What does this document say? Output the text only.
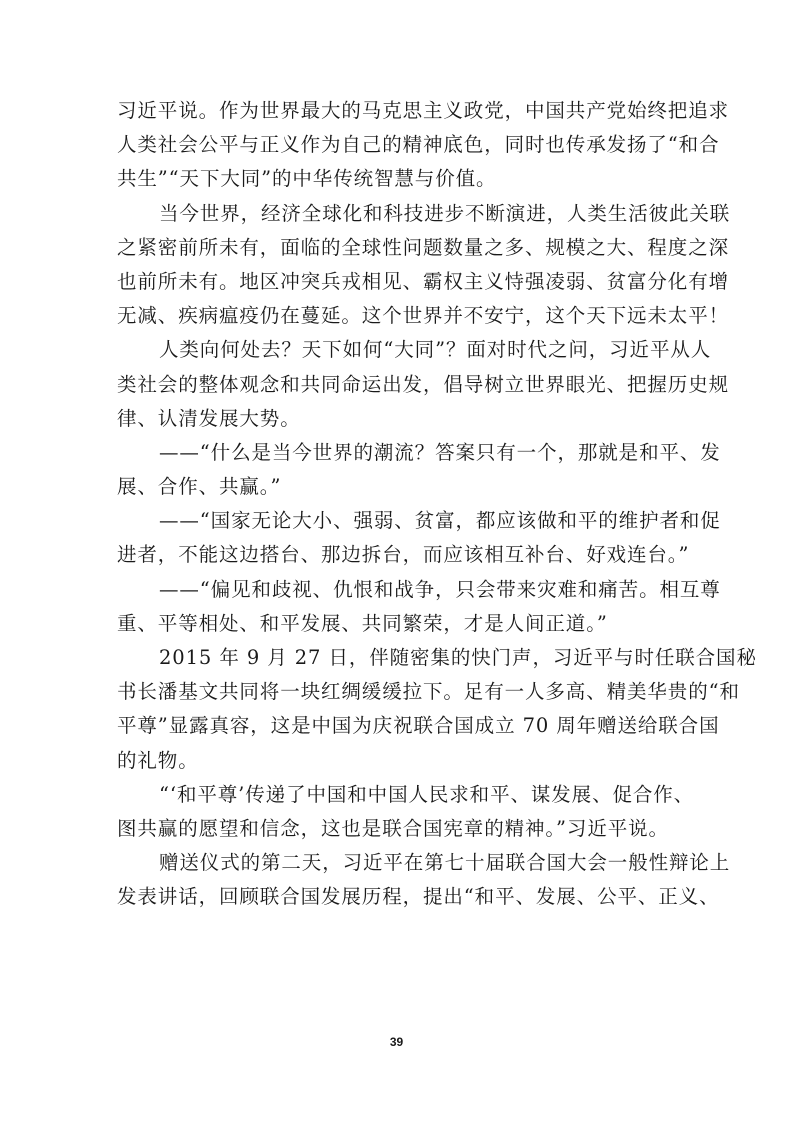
习近平说。作为世界最大的马克思主义政党，中国共产党始终把追求
人类社会公平与正义作为自己的精神底色，同时也传承发扬了“和合
共生”“天下大同”的中华传统智慧与价值。
当今世界，经济全球化和科技进步不断演进，人类生活彼此关联
之紧密前所未有，面临的全球性问题数量之多、规模之大、程度之深
也前所未有。地区冲突兵戎相见、霸权主义恃强凌弱、贫富分化有增
无减、疾病瘟疫仍在蔓延。这个世界并不安宁，这个天下远未太平！
人类向何处去？天下如何“大同”？面对时代之问，习近平从人
类社会的整体观念和共同命运出发，倡导树立世界眼光、把握历史规
律、认清发展大势。
——“什么是当今世界的潮流？答案只有一个，那就是和平、发
展、合作、共赢。”
——“国家无论大小、强弱、贫富，都应该做和平的维护者和促
进者，不能这边搭台、那边拆台，而应该相互补台、好戏连台。”
——“偏见和歧视、仇恨和战争，只会带来灾难和痛苦。相互尊
重、平等相处、和平发展、共同繁荣，才是人间正道。”
2015 年 9 月 27 日，伴随密集的快门声，习近平与时任联合国秘
书长潘基文共同将一块红绸缓缓拉下。足有一人多高、精美华贵的“和
平尊”显露真容，这是中国为庆祝联合国成立 70 周年赠送给联合国
的礼物。
“‘和平尊’传递了中国和中国人民求和平、谋发展、促合作、
图共赢的愿望和信念，这也是联合国宪章的精神。”习近平说。
赠送仪式的第二天，习近平在第七十届联合国大会一般性辩论上
发表讲话，回顾联合国发展历程，提出“和平、发展、公平、正义、
39
